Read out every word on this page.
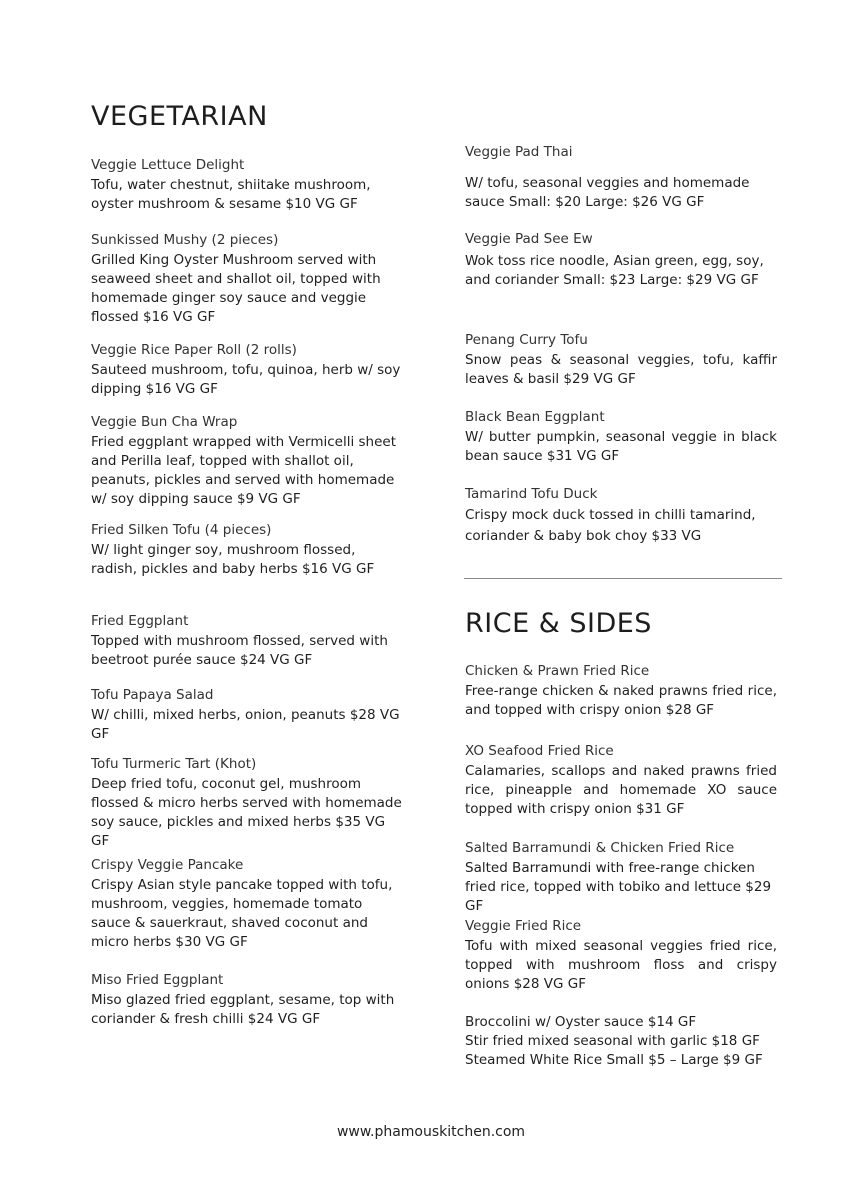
VEGETARIAN
Veggie Lettuce Delight
Tofu, water chestnut, shiitake mushroom, oyster mushroom & sesame $10 VG GF
Sunkissed Mushy (2 pieces)
Grilled King Oyster Mushroom served with seaweed sheet and shallot oil, topped with homemade ginger soy sauce and veggie flossed $16 VG GF
Veggie Rice Paper Roll (2 rolls)
Sauteed mushroom, tofu, quinoa, herb w/ soy dipping $16 VG GF
Veggie Bun Cha Wrap
Fried eggplant wrapped with Vermicelli sheet and Perilla leaf, topped with shallot oil, peanuts, pickles and served with homemade w/ soy dipping sauce $9 VG GF
Fried Silken Tofu (4 pieces)
W/ light ginger soy, mushroom flossed, radish, pickles and baby herbs $16 VG GF
Fried Eggplant
Topped with mushroom flossed, served with beetroot purée sauce $24 VG GF
Tofu Papaya Salad
W/ chilli, mixed herbs, onion, peanuts $28 VG GF
Tofu Turmeric Tart (Khot)
Deep fried tofu, coconut gel, mushroom flossed & micro herbs served with homemade soy sauce, pickles and mixed herbs $35 VG GF
Crispy Veggie Pancake
Crispy Asian style pancake topped with tofu, mushroom, veggies, homemade tomato sauce & sauerkraut, shaved coconut and micro herbs $30 VG GF
Miso Fried Eggplant
Miso glazed fried eggplant, sesame, top with coriander & fresh chilli $24 VG GF
Veggie Pad Thai
W/ tofu, seasonal veggies and homemade sauce Small: $20 Large: $26 VG GF
Veggie Pad See Ew
Wok toss rice noodle, Asian green, egg, soy, and coriander Small: $23 Large: $29 VG GF
Penang Curry Tofu
Snow peas & seasonal veggies, tofu, kaffir leaves & basil $29 VG GF
Black Bean Eggplant
W/ butter pumpkin, seasonal veggie in black bean sauce $31 VG GF
Tamarind Tofu Duck
Crispy mock duck tossed in chilli tamarind, coriander & baby bok choy $33 VG
RICE & SIDES
Chicken & Prawn Fried Rice
Free-range chicken & naked prawns fried rice, and topped with crispy onion $28 GF
XO Seafood Fried Rice
Calamaries, scallops and naked prawns fried rice, pineapple and homemade XO sauce topped with crispy onion $31 GF
Salted Barramundi & Chicken Fried Rice
Salted Barramundi with free-range chicken fried rice, topped with tobiko and lettuce $29 GF
Veggie Fried Rice
Tofu with mixed seasonal veggies fried rice, topped with mushroom floss and crispy onions $28 VG GF
Broccolini w/ Oyster sauce $14 GF
Stir fried mixed seasonal with garlic $18 GF
Steamed White Rice Small $5 – Large $9 GF
www.phamouskitchen.com
